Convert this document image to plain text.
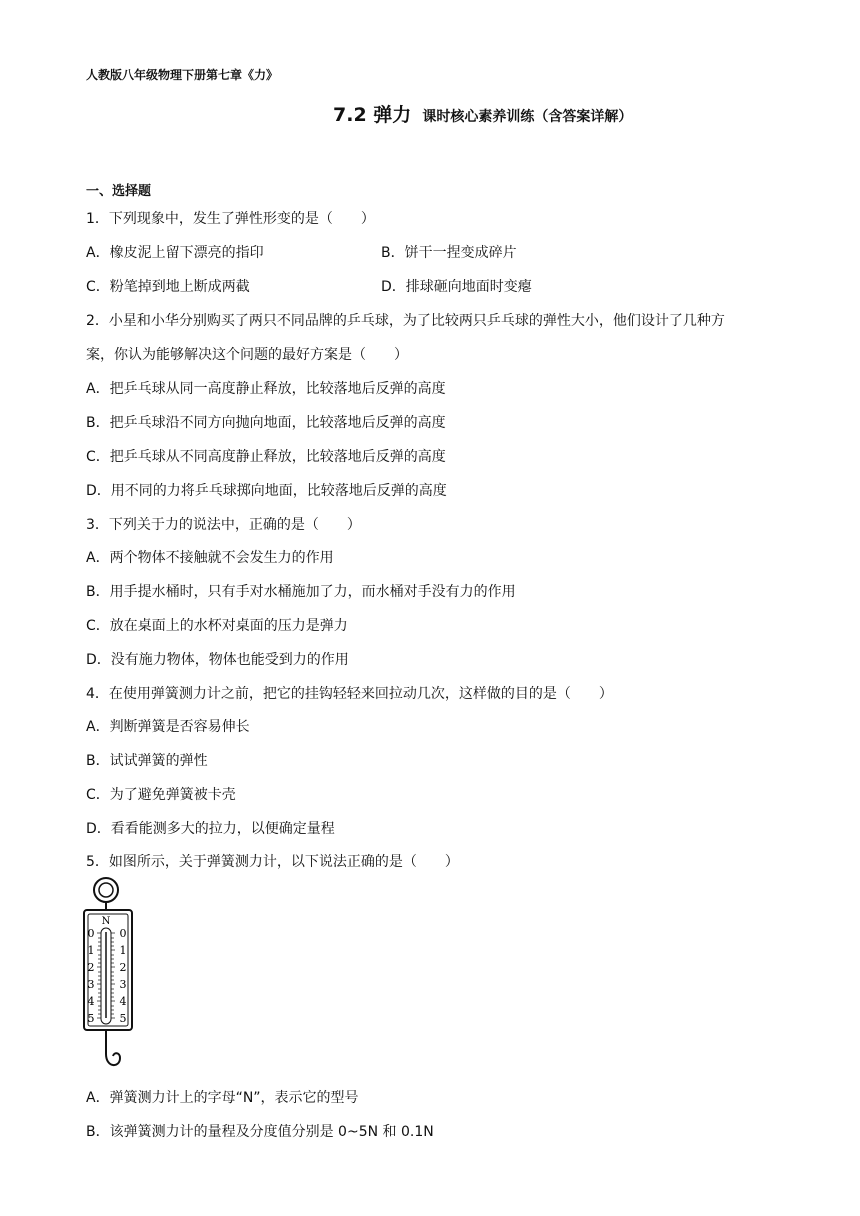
人教版八年级物理下册第七章《力》
7.2 弹力 课时核心素养训练（含答案详解）
一、选择题
1．下列现象中，发生了弹性形变的是（　　）
A．橡皮泥上留下漂亮的指印	B．饼干一捏变成碎片
C．粉笔掉到地上断成两截	D．排球砸向地面时变瘪
2．小星和小华分别购买了两只不同品牌的乒乓球，为了比较两只乒乓球的弹性大小，他们设计了几种方
案，你认为能够解决这个问题的最好方案是（　　）
A．把乒乓球从同一高度静止释放，比较落地后反弹的高度
B．把乒乓球沿不同方向抛向地面，比较落地后反弹的高度
C．把乒乓球从不同高度静止释放，比较落地后反弹的高度
D．用不同的力将乒乓球掷向地面，比较落地后反弹的高度
3．下列关于力的说法中，正确的是（　　）
A．两个物体不接触就不会发生力的作用
B．用手提水桶时，只有手对水桶施加了力，而水桶对手没有力的作用
C．放在桌面上的水杯对桌面的压力是弹力
D．没有施力物体，物体也能受到力的作用
4．在使用弹簧测力计之前，把它的挂钩轻轻来回拉动几次，这样做的目的是（　　）
A．判断弹簧是否容易伸长
B．试试弹簧的弹性
C．为了避免弹簧被卡壳
D．看看能测多大的拉力，以便确定量程
5．如图所示，关于弹簧测力计，以下说法正确的是（　　）
N
0
1
2
3
4
5
0
1
2
3
4
5
A．弹簧测力计上的字母“N”，表示它的型号
B．该弹簧测力计的量程及分度值分别是 0~5N 和 0.1N
